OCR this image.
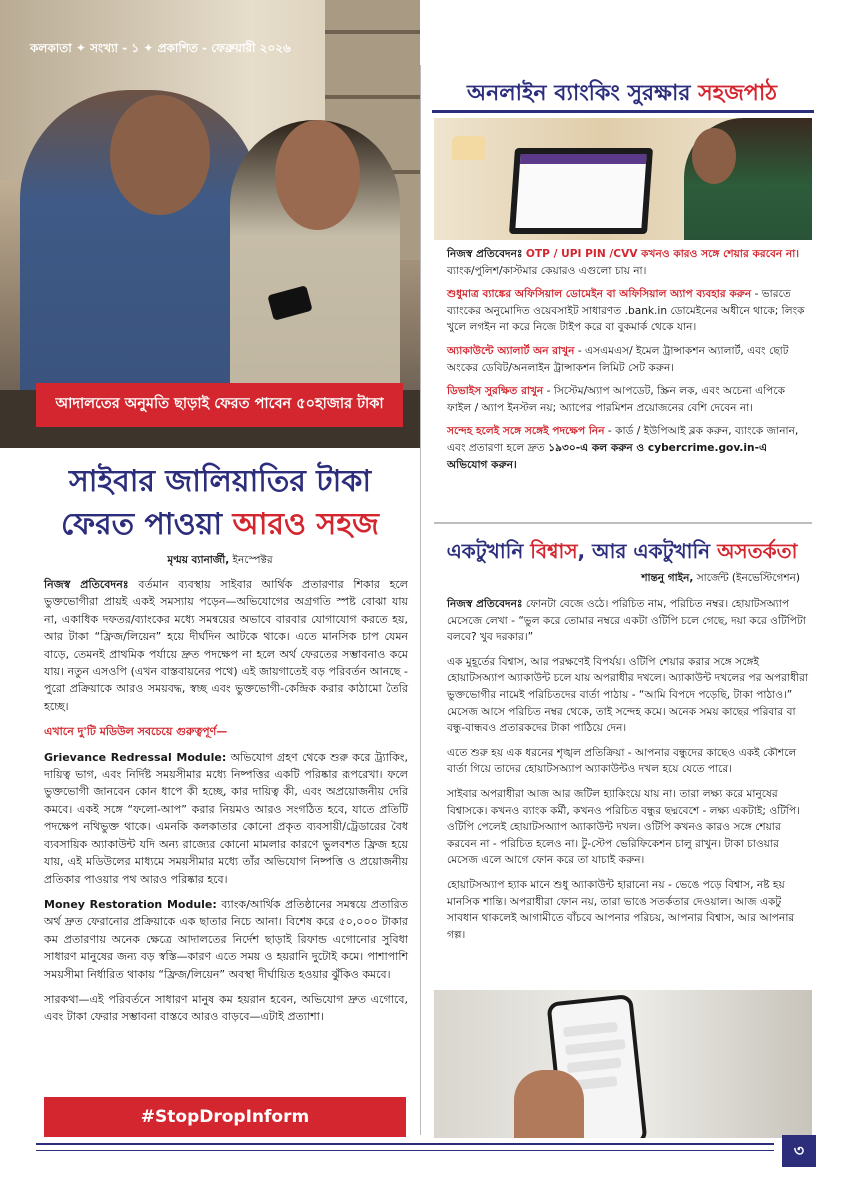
কলকাতা ✦ সংখ্যা - ১ ✦ প্রকাশিত - ফেব্রুয়ারী ২০২৬
আদালতের অনুমতি ছাড়াই ফেরত পাবেন ৫০হাজার টাকা
সাইবার জালিয়াতির টাকা
ফেরত পাওয়া আরও সহজ
মৃণ্ময় ব্যানার্জী, ইনস্পেক্টর

নিজস্ব প্রতিবেদনঃ বর্তমান ব্যবস্থায় সাইবার আর্থিক প্রতারণার শিকার হলে ভুক্তভোগীরা প্রায়ই একই সমস্যায় পড়েন—অভিযোগের অগ্রগতি স্পষ্ট বোঝা যায় না, একাধিক দফতর/ব্যাংকের মধ্যে সমন্বয়ের অভাবে বারবার যোগাযোগ করতে হয়, আর টাকা “ফ্রিজ/লিয়েন” হয়ে দীর্ঘদিন আটকে থাকে। এতে মানসিক চাপ যেমন বাড়ে, তেমনই প্রাথমিক পর্যায়ে দ্রুত পদক্ষেপ না হলে অর্থ ফেরতের সম্ভাবনাও কমে যায়। নতুন এসওপি (এখন বাস্তবায়নের পথে) এই জায়গাতেই বড় পরিবর্তন আনছে - পুরো প্রক্রিয়াকে আরও সময়বদ্ধ, স্বচ্ছ এবং ভুক্তভোগী-কেন্দ্রিক করার কাঠামো তৈরি হচ্ছে।

এখানে দু'টি মডিউল সবচেয়ে গুরুত্বপূর্ণ—

Grievance Redressal Module: অভিযোগ গ্রহণ থেকে শুরু করে ট্র্যাকিং, দায়িত্ব ভাগ, এবং নির্দিষ্ট সময়সীমার মধ্যে নিষ্পত্তির একটি পরিষ্কার রূপরেখা। ফলে ভুক্তভোগী জানবেন কোন ধাপে কী হচ্ছে, কার দায়িত্ব কী, এবং অপ্রয়োজনীয় দেরি কমবে। একই সঙ্গে “ফলো-আপ” করার নিয়মও আরও সংগঠিত হবে, যাতে প্রতিটি পদক্ষেপ নথিভুক্ত থাকে। এমনকি কলকাতার কোনো প্রকৃত ব্যবসায়ী/ট্রেডারের বৈধ ব্যবসায়িক অ্যাকাউন্ট যদি অন্য রাজ্যের কোনো মামলার কারণে ভুলবশত ফ্রিজ হয়ে যায়, এই মডিউলের মাধ্যমে সময়সীমার মধ্যে তাঁর অভিযোগ নিষ্পত্তি ও প্রয়োজনীয় প্রতিকার পাওয়ার পথ আরও পরিষ্কার হবে।

Money Restoration Module: ব্যাংক/আর্থিক প্রতিষ্ঠানের সমন্বয়ে প্রতারিত অর্থ দ্রুত ফেরানোর প্রক্রিয়াকে এক ছাতার নিচে আনা। বিশেষ করে ৫০,০০০ টাকার কম প্রতারণায় অনেক ক্ষেত্রে আদালতের নির্দেশ ছাড়াই রিফান্ড এগোনোর সুবিধা সাধারণ মানুষের জন্য বড় স্বস্তি—কারণ এতে সময় ও হয়রানি দুটোই কমে। পাশাপাশি সময়সীমা নির্ধারিত থাকায় “ফ্রিজ/লিয়েন” অবস্থা দীর্ঘায়িত হওয়ার ঝুঁকিও কমবে।

সারকথা—এই পরিবর্তনে সাধারণ মানুষ কম হয়রান হবেন, অভিযোগ দ্রুত এগোবে, এবং টাকা ফেরার সম্ভাবনা বাস্তবে আরও বাড়বে—এটাই প্রত্যাশা।

#StopDropInform
অনলাইন ব্যাংকিং সুরক্ষার সহজপাঠ

নিজস্ব প্রতিবেদনঃ OTP / UPI PIN /CVV কখনও কারও সঙ্গে শেয়ার করবেন না। ব্যাংক/পুলিশ/কাস্টমার কেয়ারও এগুলো চায় না।

শুধুমাত্র ব্যাঙ্কের অফিসিয়াল ডোমেইন বা অফিসিয়াল অ্যাপ ব্যবহার করুন - ভারতে ব্যাংকের অনুমোদিত ওয়েবসাইট সাধারণত .bank.in ডোমেইনের অধীনে থাকে; লিংক খুলে লগইন না করে নিজে টাইপ করে বা বুকমার্ক থেকে যান।

অ্যাকাউন্টে অ্যালার্ট অন রাখুন - এসএমএস/ ইমেল ট্রান্সাকশন অ্যালার্ট, এবং ছোট অংকের ডেবিট/অনলাইন ট্রান্সাকশন লিমিট সেট করুন।

ডিভাইস সুরক্ষিত রাখুন - সিস্টেম/অ্যাপ আপডেট, স্ক্রিন লক, এবং অচেনা এপিকে ফাইল / অ্যাপ ইনস্টল নয়; অ্যাপের পারমিশন প্রয়োজনের বেশি দেবেন না।

সন্দেহ হলেই সঙ্গে সঙ্গেই পদক্ষেপ নিন - কার্ড / ইউপিআই ব্লক করুন, ব্যাংকে জানান, এবং প্রতারণা হলে দ্রুত ১৯৩০-এ কল করুন ও cybercrime.gov.in-এ অভিযোগ করুন।

একটুখানি বিশ্বাস, আর একটুখানি অসতর্কতা
শান্তনু গাইন, সার্জেন্ট (ইনভেস্টিগেশন)

নিজস্ব প্রতিবেদনঃ ফোনটা বেজে ওঠে। পরিচিত নাম, পরিচিত নম্বর। হোয়াটসঅ্যাপ মেসেজে লেখা - “ভুল করে তোমার নম্বরে একটা ওটিপি চলে গেছে, দয়া করে ওটিপিটা বলবে? খুব দরকার।”

এক মুহূর্তের বিশ্বাস, আর পরক্ষণেই বিপর্যয়। ওটিপি শেয়ার করার সঙ্গে সঙ্গেই হোয়াটসঅ্যাপ অ্যাকাউন্ট চলে যায় অপরাধীর দখলে। অ্যাকাউন্ট দখলের পর অপরাধীরা ভুক্তভোগীর নামেই পরিচিতদের বার্তা পাঠায় - “আমি বিপদে পড়েছি, টাকা পাঠাও।” মেসেজ আসে পরিচিত নম্বর থেকে, তাই সন্দেহ কমে। অনেক সময় কাছের পরিবার বা বন্ধু-বান্ধবও প্রতারকদের টাকা পাঠিয়ে দেন।

এতে শুরু হয় এক ধরনের শৃঙ্খল প্রতিক্রিয়া - আপনার বন্ধুদের কাছেও একই কৌশলে বার্তা গিয়ে তাদের হোয়াটসঅ্যাপ অ্যাকাউন্টও দখল হয়ে যেতে পারে।

সাইবার অপরাধীরা আজ আর জটিল হ্যাকিংয়ে যায় না। তারা লক্ষ্য করে মানুষের বিশ্বাসকে। কখনও ব্যাংক কর্মী, কখনও পরিচিত বন্ধুর ছদ্মবেশে - লক্ষ্য একটাই; ওটিপি। ওটিপি পেলেই হোয়াটসঅ্যাপ অ্যাকাউন্ট দখল। ওটিপি কখনও কারও সঙ্গে শেয়ার করবেন না - পরিচিত হলেও না। টু-স্টেপ ভেরিফিকেশন চালু রাখুন। টাকা চাওয়ার মেসেজ এলে আগে ফোন করে তা যাচাই করুন।

হোয়াটসঅ্যাপ হ্যাক মানে শুধু অ্যাকাউন্ট হারানো নয় - ভেঙে পড়ে বিশ্বাস, নষ্ট হয় মানসিক শান্তি। অপরাধীরা ফোন নয়, তারা ভাঙে সতর্কতার দেওয়াল। আজ একটু সাবধান থাকলেই আগামীতে বাঁচবে আপনার পরিচয়, আপনার বিশ্বাস, আর আপনার গল্প।

৩
